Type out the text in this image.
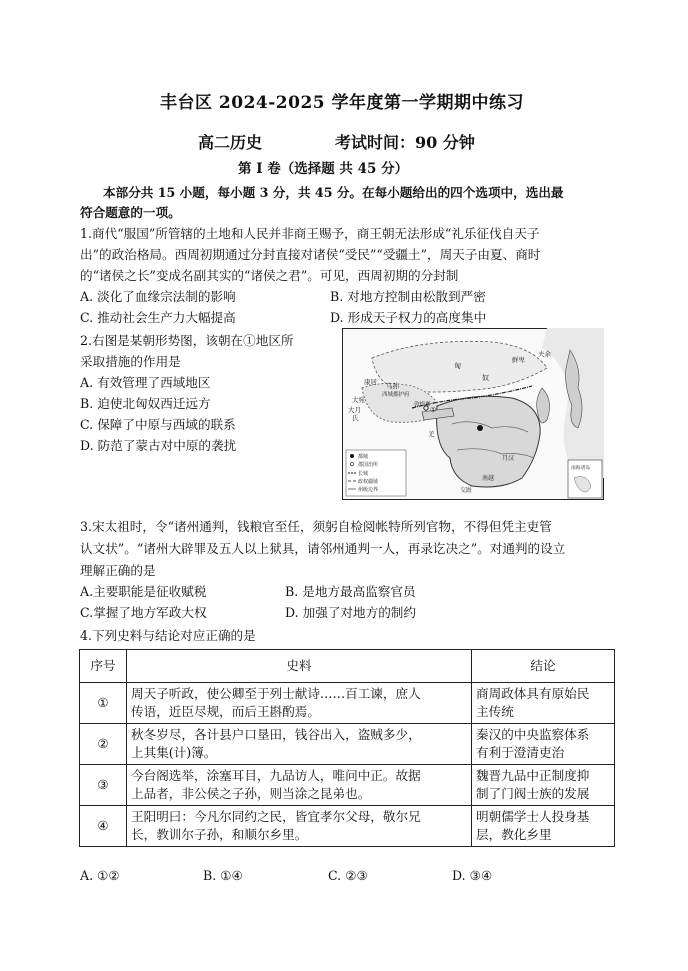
丰台区 2024-2025 学年度第一学期期中练习
高二历史	考试时间：90 分钟
第 I 卷（选择题 共 45 分）
本部分共 15 小题，每小题 3 分，共 45 分。在每小题给出的四个选项中，选出最
符合题意的一项。
1.商代“服国”所管辖的土地和人民并非商王赐予，商王朝无法形成“礼乐征伐自天子
出”的政治格局。西周初期通过分封直接对诸侯“受民”“受疆土”，周天子由夏、商时
的“诸侯之长”变成名副其实的“诸侯之君”。可见，西周初期的分封制
A. 淡化了血缘宗法制的影响	B. 对地方控制由松散到严密
C. 推动社会生产力大幅提高	D. 形成天子权力的高度集中
2.右图是某朝形势图，该朝在①地区所
采取措施的作用是
A. 有效管理了西域地区
B. 迫使北匈奴西迁远方
C. 保障了中原与西域的联系
D. 防范了蒙古对中原的袭扰
康居 乌孙
匈
奴
大宛
大月
氏
西域都护府
敦煌郡
①
鲜卑
夫余
羌
月汉
南越
交趾
都城
郡国治所
长城
政权疆域
州级边界
南海诸岛
3.宋太祖时，令“诸州通判，钱粮官至任，须躬自检阅帐特所列官物，不得但凭主吏管
认文状”。“诸州大辟罪及五人以上狱具，请邻州通判一人，再录讫决之”。对通判的设立
理解正确的是
A.主要职能是征收赋税	B. 是地方最高监察官员
C.掌握了地方军政大权	D. 加强了对地方的制约
4.下列史料与结论对应正确的是
序号	史料	结论
①	周天子听政，使公卿至于列士献诗……百工谏，庶人
传语，近臣尽规，而后王斟酌焉。	商周政体具有原始民
主传统
②	秋冬岁尽，各计县户口垦田，钱谷出入，盗贼多少，
上其集(计)簿。	秦汉的中央监察体系
有利于澄清吏治
③	今台阁选举，涂塞耳目，九品访人，唯问中正。故据
上品者，非公侯之子孙，则当涂之昆弟也。	魏晋九品中正制度抑
制了门阀士族的发展
④	王阳明曰：今凡尔同约之民，皆宜孝尔父母，敬尔兄
长，教训尔子孙，和顺尔乡里。	明朝儒学士人投身基
层，教化乡里
A. ①②	B. ①④	C. ②③	D. ③④
